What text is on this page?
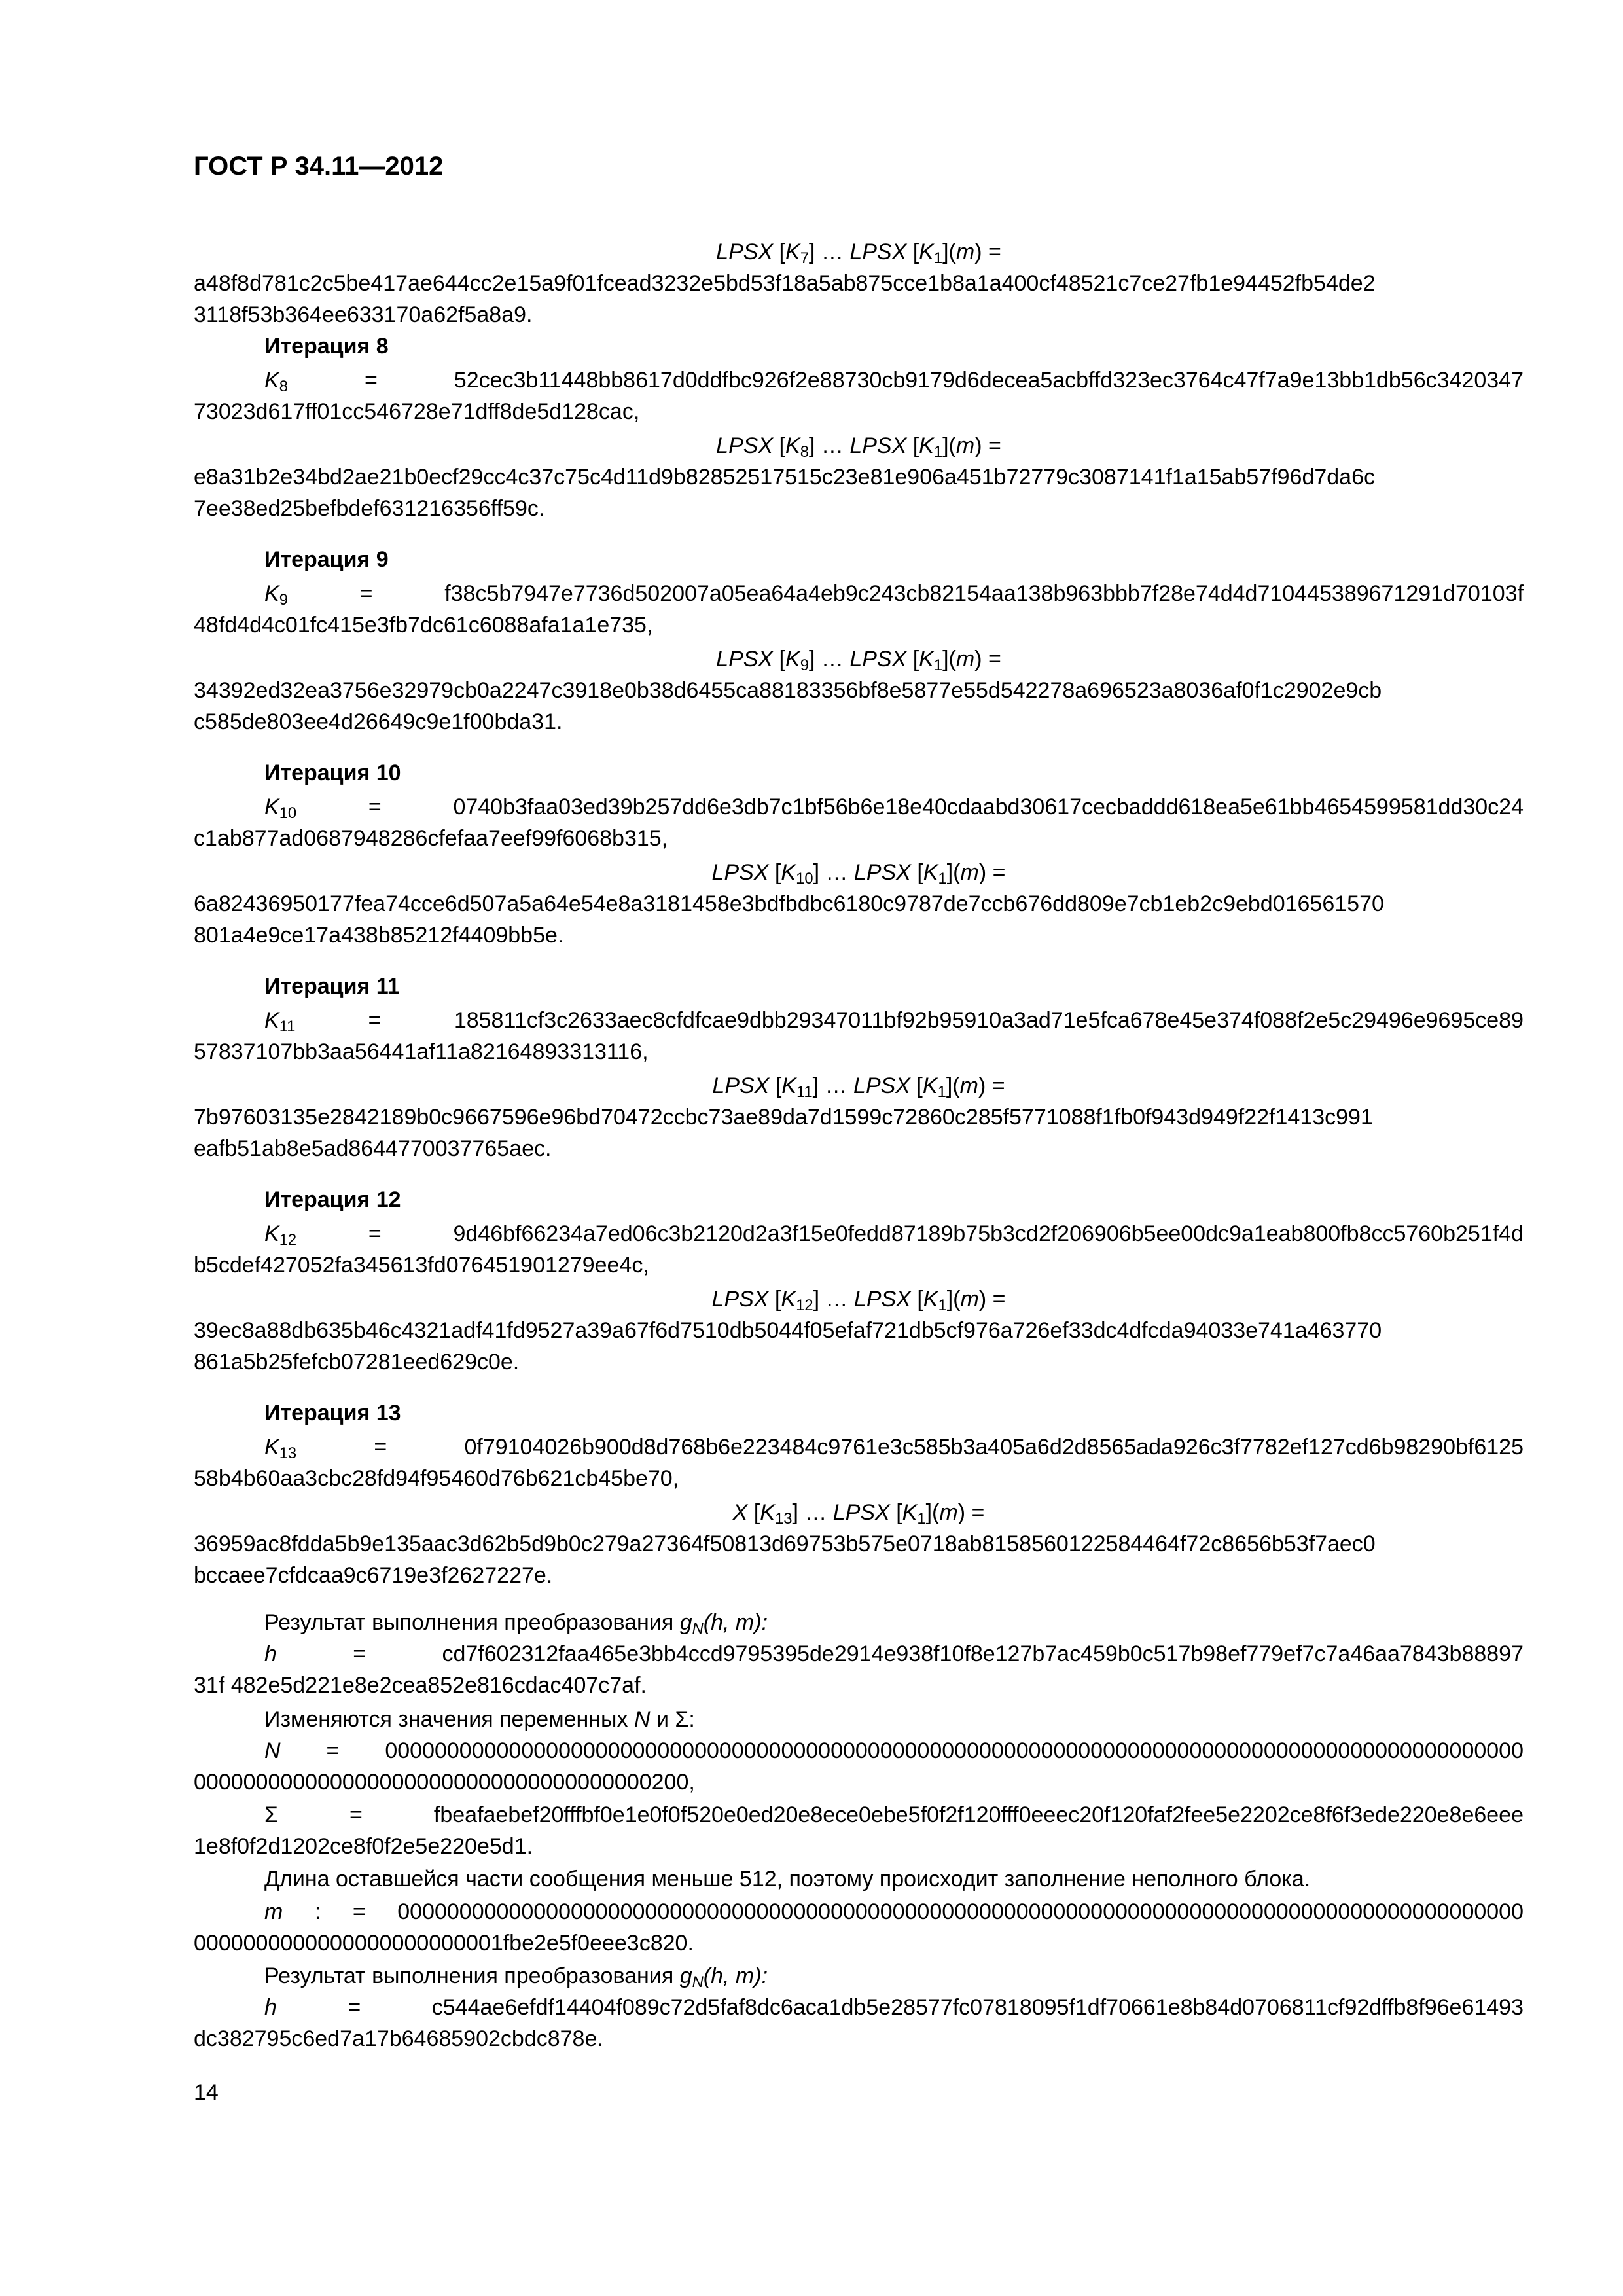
ГОСТ Р 34.11—2012
LPSX $[K_7]$ … LPSX $[K_1](m)$ =
a48f8d781c2c5be417ae644cc2e15a9f01fcead3232e5bd53f18a5ab875cce1b8a1a400cf48521c7ce27fb1e94452fb54de2
3118f53b364ee633170a62f5a8a9.
Итерация 8
$K_8$ = 52cec3b11448bb8617d0ddfbc926f2e88730cb9179d6decea5acbffd323ec3764c47f7a9e13bb1db56c3420347
73023d617ff01cc546728e71dff8de5d128cac,
LPSX $[K_8]$ … LPSX $[K_1](m)$ =
e8a31b2e34bd2ae21b0ecf29cc4c37c75c4d11d9b82852517515c23e81e906a451b72779c3087141f1a15ab57f96d7da6c
7ee38ed25befbdef631216356ff59c.
Итерация 9
$K_9 = f38c5b7947e7736d502007a05ea64a4eb9c243cb82154aa138b963bbb7f28e74d4d710445389671291d70103f$
48fd4d4c01fc415e3fb7dc61c6088afa1a1e735,
LPSX $[K_9]$ … LPSX $[K_1](m)$ =
34392ed32ea3756e32979cb0a2247c3918e0b38d6455ca88183356bf8e5877e55d542278a696523a8036af0f1c2902e9cb
c585de803ee4d26649c9e1f00bda31.
Итерация 10
$K_{10}$ = 0740b3faa03ed39b257dd6e3db7c1bf56b6e18e40cdaabd30617cecbaddd618ea5e61bb4654599581dd30c24
c1ab877ad0687948286cfefaa7eef99f6068b315,
LPSX $[K_{10}]$ … LPSX $[K_1](m)$ =
6a82436950177fea74cce6d507a5a64e54e8a3181458e3bdfbdbc6180c9787de7ccb676dd809e7cb1eb2c9ebd016561570
801a4e9ce17a438b85212f4409bb5e.
Итерация 11
$K_{11}$ = 185811cf3c2633aec8cfdfcae9dbb29347011bf92b95910a3ad71e5fca678e45e374f088f2e5c29496e9695ce89
57837107bb3aa56441af11a82164893313116,
LPSX $[K_{11}]$ … LPSX $[K_1](m)$ =
7b97603135e2842189b0c9667596e96bd70472ccbc73ae89da7d1599c72860c285f5771088f1fb0f943d949f22f1413c991
eafb51ab8e5ad8644770037765aec.
Итерация 12
$K_{12}$ = 9d46bf66234a7ed06c3b2120d2a3f15e0fedd87189b75b3cd2f206906b5ee00dc9a1eab800fb8cc5760b251f4d
b5cdef427052fa345613fd076451901279ee4c,
LPSX $[K_{12}]$ … LPSX $[K_1](m)$ =
39ec8a88db635b46c4321adf41fd9527a39a67f6d7510db5044f05efaf721db5cf976a726ef33dc4dfcda94033e741a463770
861a5b25fefcb07281eed629c0e.
Итерация 13
$K_{13} = 0f79104026b900d8d768b6e223484c9761e3c585b3a405a6d2d8565ada926c3f7782ef127cd6b98290bf6125$
58b4b60aa3cbc28fd94f95460d76b621cb45be70,
X $[K_{13}]$ … LPSX $[K_1](m)$ =
36959ac8fdda5b9e135aac3d62b5d9b0c279a27364f50813d69753b575e0718ab8158560122584464f72c8656b53f7aec0
bccaee7cfdcaa9c6719e3f2627227e.
Результат выполнения преобразования $g_N(h$, m):
h = cd7f602312faa465e3bb4ccd9795395de2914e938f10f8e127b7ac459b0c517b98ef779ef7c7a46aa7843b88897
31f 482e5d221e8e2cea852e816cdac407c7af.
Изменяются значения переменных N и Σ:
N = 00000000000000000000000000000000000000000000000000000000000000000000000000000000000000000000
0000000000000000000000000000000000000200,
Σ = fbeafaebef20fffbf0e1e0f0f520e0ed20e8ece0ebe5f0f2f120fff0eeec20f120faf2fee5e2202ce8f6f3ede220e8e6eee
1e8f0f2d1202ce8f0f2e5e220e5d1.
Длина оставшейся части сообщения меньше 512, поэтому происходит заполнение неполного блока.
m : = 0000000000000000000000000000000000000000000000000000000000000000000000000000000000000000000
0000000000000000000000001fbe2e5f0eee3c820.
Результат выполнения преобразования $g_N(h$, m):
h = c544ae6efdf14404f089c72d5faf8dc6aca1db5e28577fc07818095f1df70661e8b84d0706811cf92dffb8f96e61493
dc382795c6ed7a17b64685902cbdc878e.
14
